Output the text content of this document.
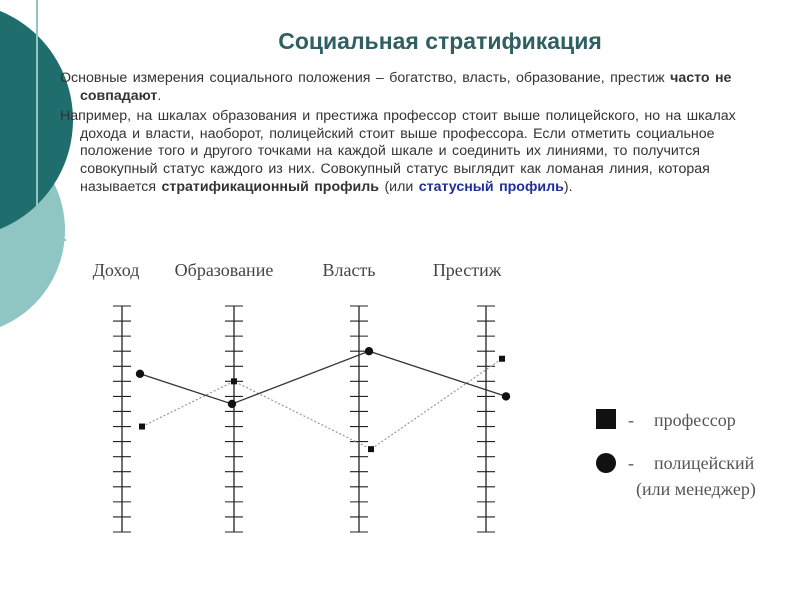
Социальная стратификация

Основные измерения социального положения – богатство, власть, образование, престиж часто не совпадают.

Например, на шкалах образования и престижа профессор стоит выше полицейского, но на шкалах дохода и власти, наоборот, полицейский стоит выше профессора. Если отметить социальное положение того и другого точками на каждой шкале и соединить их линиями, то получится совокупный статус каждого из них. Совокупный статус выглядит как ломаная линия, которая называется стратификационный профиль (или статусный профиль).

Доход Образование	Власть	Престиж
- профессор
- полицейский
(или менеджер)
